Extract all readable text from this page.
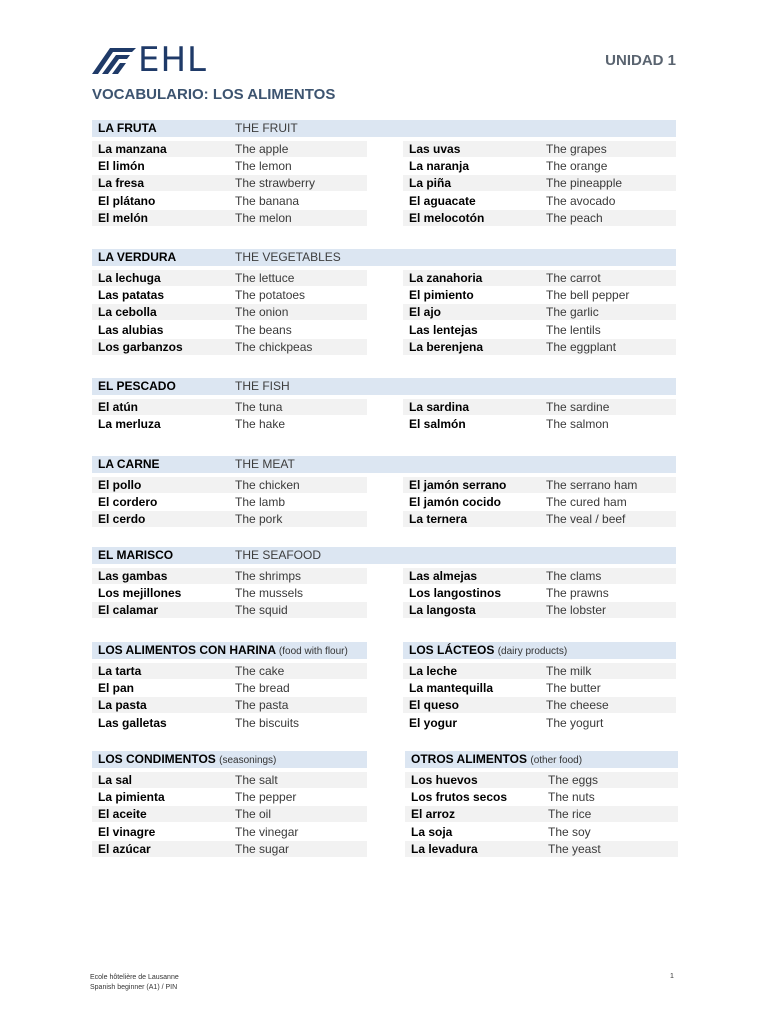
EHL	UNIDAD 1
VOCABULARIO: LOS ALIMENTOS
LA FRUTA	THE FRUIT
La manzana	The apple
El limón	The lemon
La fresa	The strawberry
El plátano	The banana
El melón	The melon
Las uvas	The grapes
La naranja	The orange
La piña	The pineapple
El aguacate	The avocado
El melocotón	The peach
LA VERDURA	THE VEGETABLES
La lechuga	The lettuce
Las patatas	The potatoes
La cebolla	The onion
Las alubias	The beans
Los garbanzos	The chickpeas
La zanahoria	The carrot
El pimiento	The bell pepper
El ajo	The garlic
Las lentejas	The lentils
La berenjena	The eggplant
EL PESCADO	THE FISH
El atún	The tuna
La merluza	The hake
La sardina	The sardine
El salmón	The salmon
LA CARNE	THE MEAT
El pollo	The chicken
El cordero	The lamb
El cerdo	The pork
El jamón serrano	The serrano ham
El jamón cocido	The cured ham
La ternera	The veal / beef
EL MARISCO	THE SEAFOOD
Las gambas	The shrimps
Los mejillones	The mussels
El calamar	The squid
Las almejas	The clams
Los langostinos	The prawns
La langosta	The lobster
LOS ALIMENTOS CON HARINA (food with flour)	LOS LÁCTEOS (dairy products)
La tarta	The cake
El pan	The bread
La pasta	The pasta
Las galletas	The biscuits
La leche	The milk
La mantequilla	The butter
El queso	The cheese
El yogur	The yogurt
LOS CONDIMENTOS (seasonings)	OTROS ALIMENTOS (other food)
La sal	The salt
La pimienta	The pepper
El aceite	The oil
El vinagre	The vinegar
El azúcar	The sugar
Los huevos	The eggs
Los frutos secos	The nuts
El arroz	The rice
La soja	The soy
La levadura	The yeast
Ecole hôtelière de Lausanne
Spanish beginner (A1) / PIN
1
